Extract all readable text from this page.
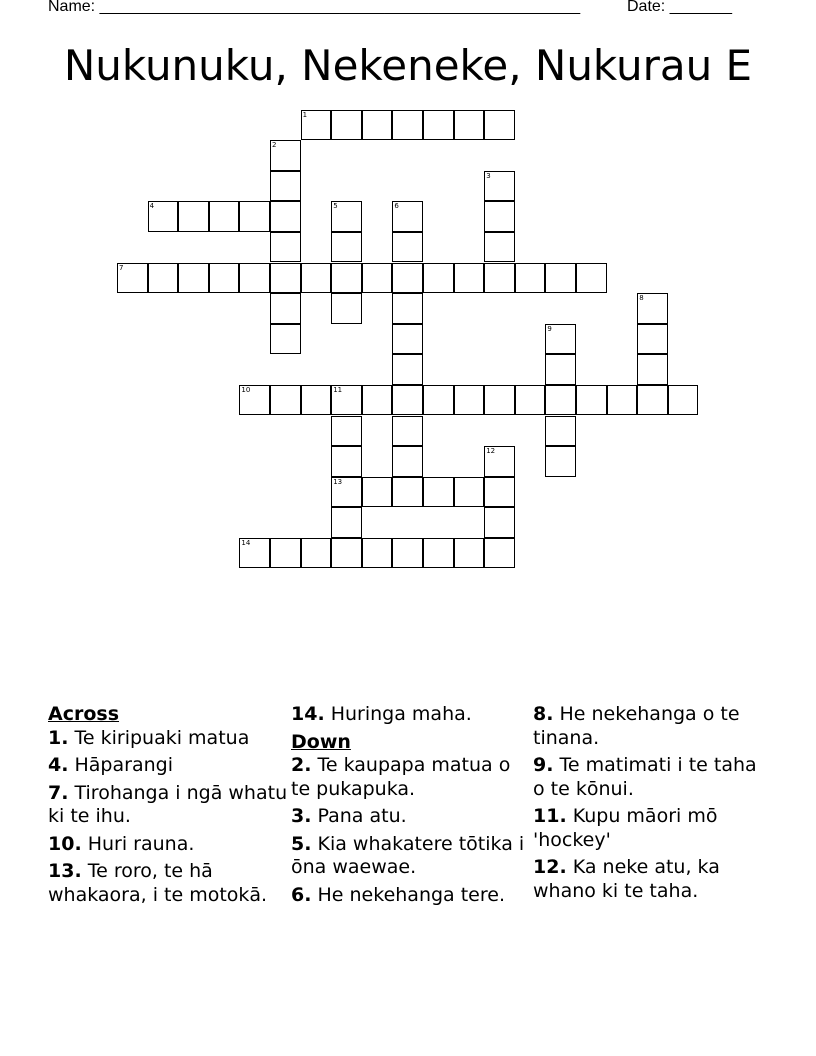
Name: ______________________________________________________	Date: _______
Nukunuku, Nekeneke, Nukurau E
1
2
3
4	5	6
7
8
9
10	11
13
12
14
Across
1. Te kiripuaki matua
4. Hāparangi
7. Tirohanga i ngā whatu ki te ihu.
10. Huri rauna.
13. Te roro, te hā whakaora, i te motokā.
14. Huringa maha.
Down
2. Te kaupapa matua o te pukapuka.
3. Pana atu.
5. Kia whakatere tōtika i ōna waewae.
6. He nekehanga tere.
8. He nekehanga o te tinana.
9. Te matimati i te taha o te kōnui.
11. Kupu māori mō 'hockey'
12. Ka neke atu, ka whano ki te taha.
